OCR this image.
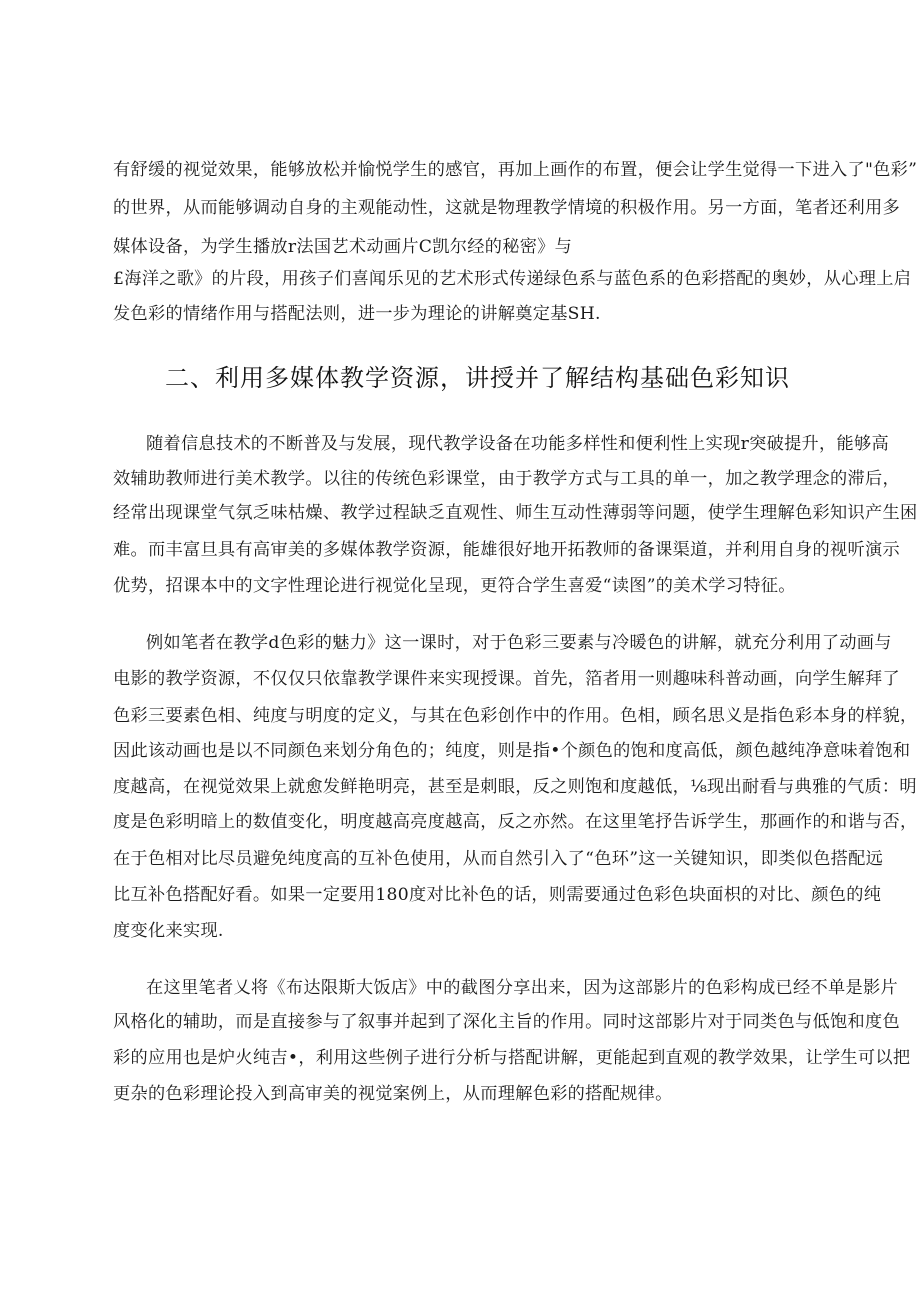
有舒缓的视觉效果，能够放松并愉悦学生的感官，再加上画作的布置，便会让学生觉得一下进入了"色彩”
的世界，从而能够调动自身的主观能动性，这就是物理教学情境的积极作用。另一方面，笔者还利用多
媒体设备，为学生播放r法国艺术动画片C凯尔经的秘密》与
£海洋之歌》的片段，用孩子们喜闻乐见的艺术形式传递绿色系与蓝色系的色彩搭配的奥妙，从心理上启
发色彩的情绪作用与搭配法则，进一步为理论的讲解奠定基SH.
二、利用多媒体教学资源，讲授并了解结构基础色彩知识
随着信息技术的不断普及与发展，现代教学设备在功能多样性和便利性上实现r突破提升，能够高
效辅助教师进行美术教学。以往的传统色彩课堂，由于教学方式与工具的单一，加之教学理念的滞后，
经常出现课堂气氛乏味枯燥、教学过程缺乏直观性、师生互动性薄弱等问题，使学生理解色彩知识产生困
难。而丰富旦具有高审美的多媒体教学资源，能雄很好地开拓教师的备课渠道，并利用自身的视听演示
优势，招课本中的文字性理论进行视觉化呈现，更符合学生喜爱“读图”的美术学习特征。
例如笔者在教学d色彩的魅力》这一课时，对于色彩三要素与冷暖色的讲解，就充分利用了动画与
电影的教学资源，不仅仅只依靠教学课件来实现授课。首先，箔者用一则趣味科普动画，向学生解拜了
色彩三要素色相、纯度与明度的定义，与其在色彩创作中的作用。色相，顾名思义是指色彩本身的样貌，
因此该动画也是以不同颜色来划分角色的；纯度，则是指•个颜色的饱和度高低，颜色越纯净意味着饱和
度越高，在视觉效果上就愈发鲜艳明亮，甚至是刺眼，反之则饱和度越低，⅛现出耐看与典雅的气质：明
度是色彩明暗上的数值变化，明度越高亮度越高，反之亦然。在这里笔抒告诉学生，那画作的和谐与否，
在于色相对比尽员避免纯度高的互补色使用，从而自然引入了“色环”这一关键知识，即类似色搭配远
比互补色搭配好看。如果一定要用180度对比补色的话，则需要通过色彩色块面枳的对比、颜色的纯
度变化来实现.
在这里笔者乂将《布达限斯大饭店》中的截图分享出来，因为这部影片的色彩构成已经不单是影片
风格化的辅助，而是直接参与了叙事并起到了深化主旨的作用。同时这部影片对于同类色与低饱和度色
彩的应用也是炉火纯吉•，利用这些例子进行分析与搭配讲解，更能起到直观的教学效果，让学生可以把
更杂的色彩理论投入到高审美的视觉案例上，从而理解色彩的搭配规律。
